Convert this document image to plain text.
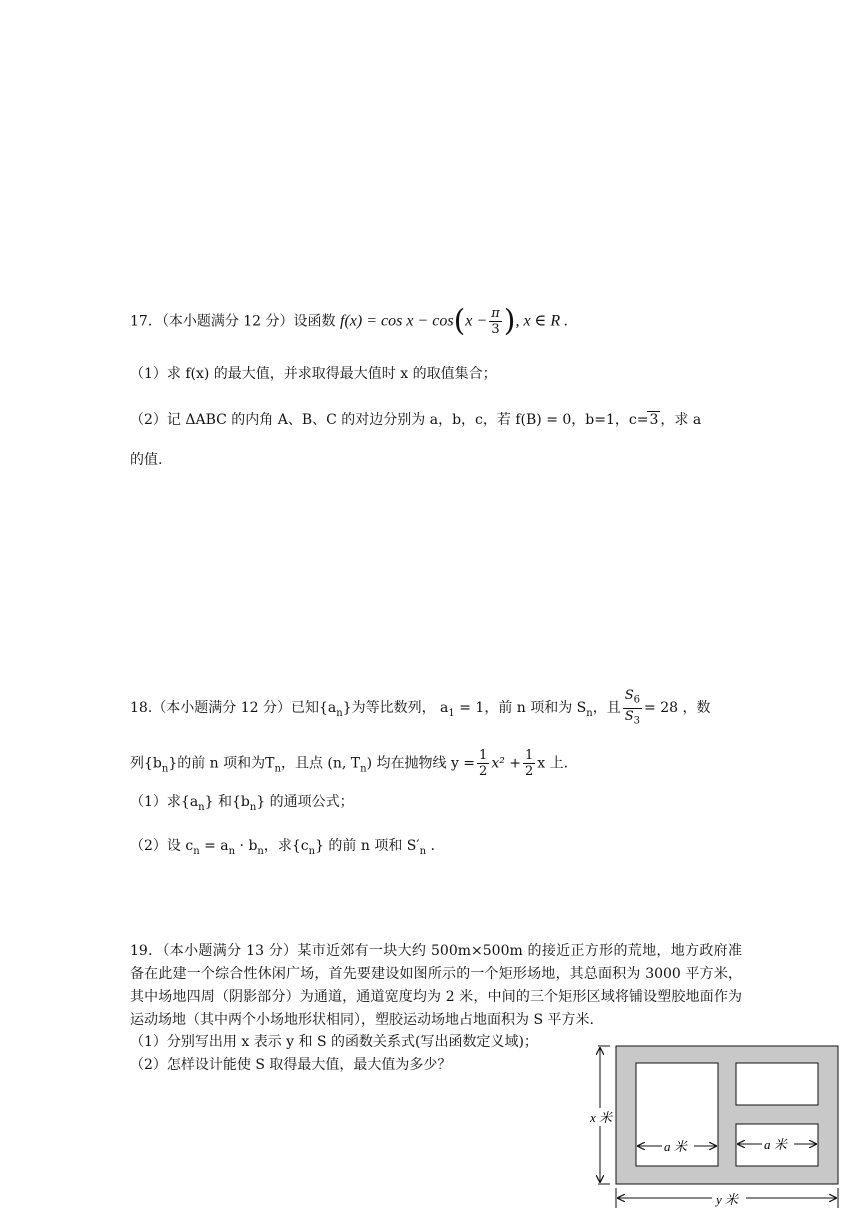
17．（本小题满分 12 分）设函数 $f(x) = \cos x - \cos(x - \frac{\pi}{3}$ ), x ∈ R .
（1）求 f(x) 的最大值，并求取得最大值时 x 的取值集合；
（2）记 ΔABC 的内角 A、B、C 的对边分别为 a，b，c，若 f(B) = 0，b=1，c=3 ，求 a
的值.
18.（本小题满分 12 分）已知$\{a_n\}$为等比数列， $a_1 = 1$，前 n 项和为 $S_n$，且 $\frac{S_6}{S_3} = 28$ ，数
列$\{b_n\}$的前 n 项和为$T_n$，且点 (n, $T_n$) 均在抛物线 $y = \frac{1}{2} x^2 + \frac{1}{2}$ x 上.
（1）求$\{a_n\}$ 和$\{b_n\}$ 的通项公式；
（2）设 $c_n = a_n \cdot b_n$，求$\{c_n\}$ 的前 n 项和 $S'_n$ .
19．（本小题满分 13 分）某市近郊有一块大约 500m×500m 的接近正方形的荒地，地方政府准备在此建一个综合性休闲广场，首先要建设如图所示的一个矩形场地，其总面积为 3000 平方米，其中场地四周（阴影部分）为通道，通道宽度均为 2 米，中间的三个矩形区域将铺设塑胶地面作为运动场地（其中两个小场地形状相同），塑胶运动场地占地面积为 S 平方米.
（1）分别写出用 x 表示 y 和 S 的函数关系式(写出函数定义域)；
（2）怎样设计能使 S 取得最大值，最大值为多少？
x 米
a 米	a 米
y 米
